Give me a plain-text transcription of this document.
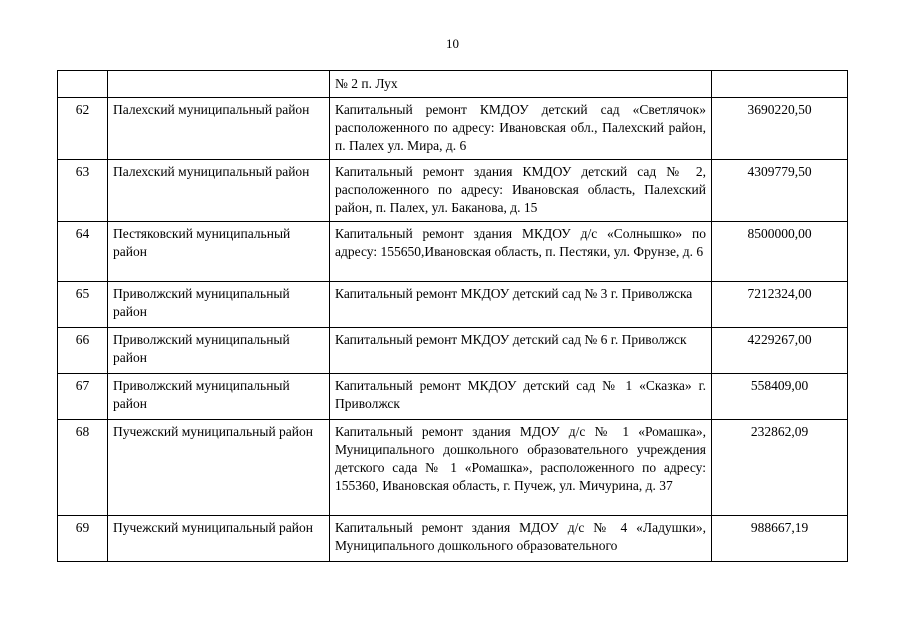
10
		№ 2 п. Лух	
62	Палехский муниципальный район	Капитальный ремонт КМДОУ детский сад «Светлячок» расположенного по адресу: Ивановская обл., Палехский район, п. Палех ул. Мира, д. 6	3690220,50
63	Палехский муниципальный район	Капитальный ремонт здания КМДОУ детский сад № 2, расположенного по адресу: Ивановская область, Палехский район, п. Палех, ул. Баканова, д. 15	4309779,50
64	Пестяковский муниципальный район	Капитальный ремонт здания МКДОУ д/с «Солнышко» по адресу: 155650,Ивановская область, п. Пестяки, ул. Фрунзе, д. 6	8500000,00
65	Приволжский муниципальный район	Капитальный ремонт МКДОУ детский сад № 3 г. Приволжска	7212324,00
66	Приволжский муниципальный район	Капитальный ремонт МКДОУ детский сад № 6 г. Приволжск	4229267,00
67	Приволжский муниципальный район	Капитальный ремонт МКДОУ детский сад № 1 «Сказка» г. Приволжск	558409,00
68	Пучежский муниципальный район	Капитальный ремонт здания МДОУ д/с № 1 «Ромашка», Муниципального дошкольного образовательного учреждения детского сада № 1 «Ромашка», расположенного по адресу: 155360, Ивановская область, г. Пучеж, ул. Мичурина, д. 37	232862,09
69	Пучежский муниципальный район	Капитальный ремонт здания МДОУ д/с № 4 «Ладушки», Муниципального дошкольного образовательного	988667,19
